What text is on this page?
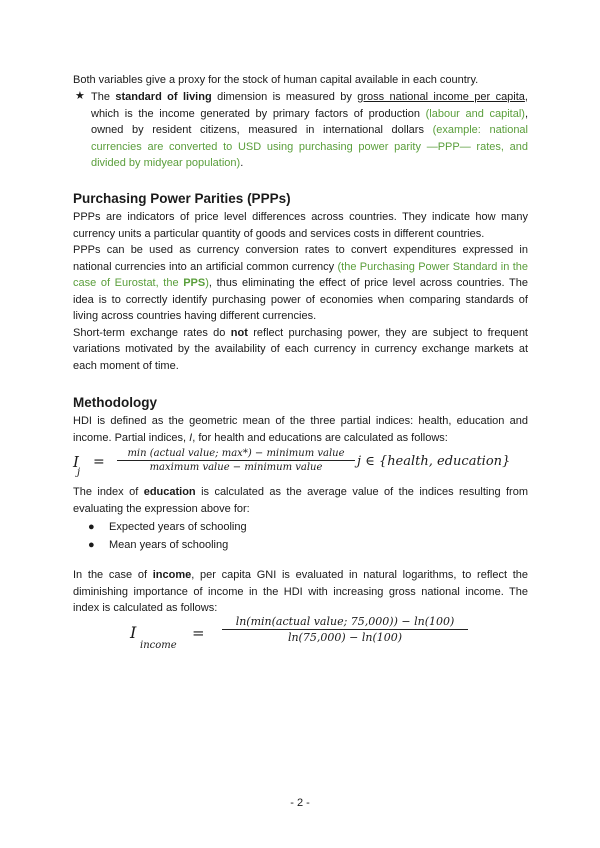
Both variables give a proxy for the stock of human capital available in each country.

★ The standard of living dimension is measured by gross national income per capita, which is the income generated by primary factors of production (labour and capital), owned by resident citizens, measured in international dollars (example: national currencies are converted to USD using purchasing power parity —PPP— rates, and divided by midyear population).

Purchasing Power Parities (PPPs)

PPPs are indicators of price level differences across countries. They indicate how many currency units a particular quantity of goods and services costs in different countries.

PPPs can be used as currency conversion rates to convert expenditures expressed in national currencies into an artificial common currency (the Purchasing Power Standard in the case of Eurostat, the PPS), thus eliminating the effect of price level across countries. The idea is to correctly identify purchasing power of economies when comparing standards of living across countries having different currencies.

Short-term exchange rates do not reflect purchasing power, they are subject to frequent variations motivated by the availability of each currency in currency exchange markets at each moment of time.

Methodology

HDI is defined as the geometric mean of the three partial indices: health, education and income. Partial indices, I, for health and educations are calculated as follows:

I
j
=
min (actual value; max*) − minimum value
maximum value − minimum value	j ∈ {health, education}

The index of education is calculated as the average value of the indices resulting from evaluating the expression above for:

● Expected years of schooling
● Mean years of schooling

In the case of income, per capita GNI is evaluated in natural logarithms, to reflect the diminishing importance of income in the HDI with increasing gross national income. The index is calculated as follows:

I
income
=
ln(min(actual value; 75,000)) − ln(100)
ln(75,000) − ln(100)
- 2 -
